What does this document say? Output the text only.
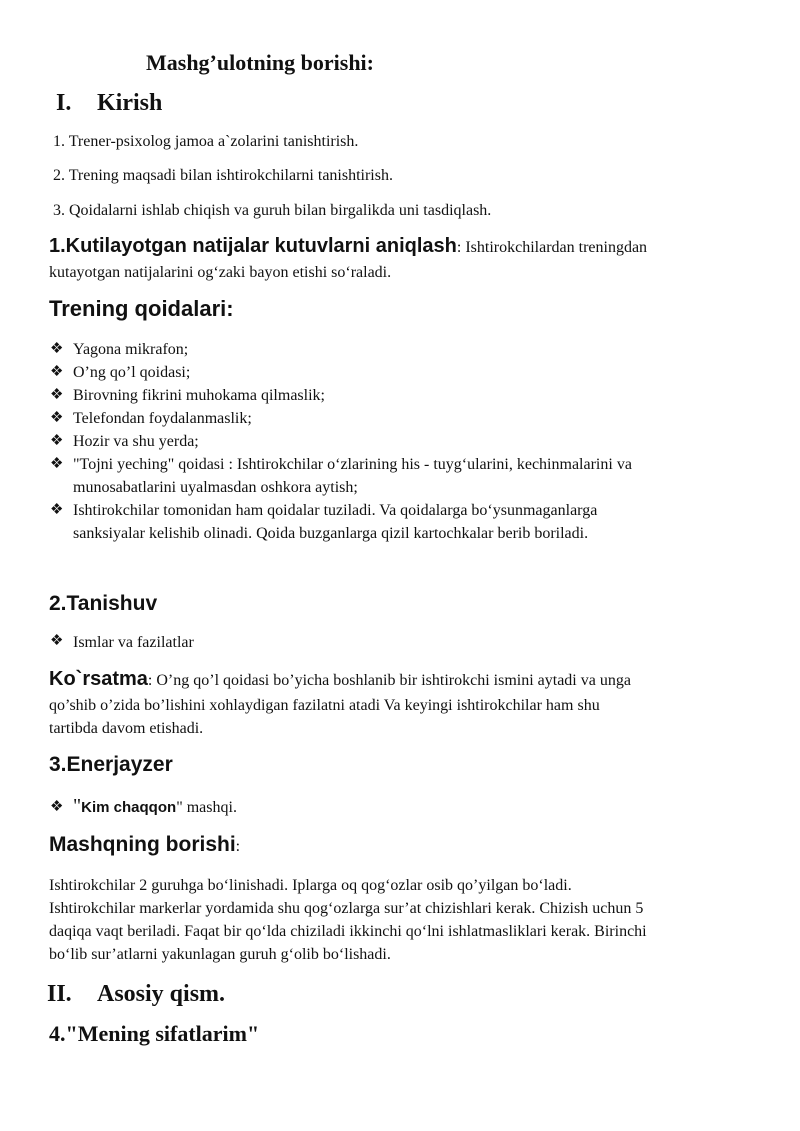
Mashg’ulotning borishi:
I. Kirish
1. Trener-psixolog jamoa a`zolarini tanishtirish.
2. Trening maqsadi bilan ishtirokchilarni tanishtirish.
3. Qoidalarni ishlab chiqish va guruh bilan birgalikda uni tasdiqlash.
1.Kutilayotgan natijalar kutuvlarni aniqlash: Ishtirokchilardan treningdan
kutayotgan natijalarini og‘zaki bayon etishi so‘raladi.
Trening qoidalari:
❖ Yagona mikrafon;
❖ O’ng qo’l qoidasi;
❖ Birovning fikrini muhokama qilmaslik;
❖ Telefondan foydalanmaslik;
❖ Hozir va shu yerda;
❖ "Tojni yeching" qoidasi : Ishtirokchilar o‘zlarining his - tuyg‘ularini, kechinmalarini va
munosabatlarini uyalmasdan oshkora aytish;
❖ Ishtirokchilar tomonidan ham qoidalar tuziladi. Va qoidalarga bo‘ysunmaganlarga
sanksiyalar kelishib olinadi. Qoida buzganlarga qizil kartochkalar berib boriladi.
2.Tanishuv
❖ Ismlar va fazilatlar
Ko`rsatma: O’ng qo’l qoidasi bo’yicha boshlanib bir ishtirokchi ismini aytadi va unga
qo’shib o’zida bo’lishini xohlaydigan fazilatni atadi Va keyingi ishtirokchilar ham shu
tartibda davom etishadi.
3.Enerjayzer
❖ "Kim chaqqon" mashqi.
Mashqning borishi:
Ishtirokchilar 2 guruhga bo‘linishadi. Iplarga oq qog‘ozlar osib qo’yilgan bo‘ladi.
Ishtirokchilar markerlar yordamida shu qog‘ozlarga sur’at chizishlari kerak. Chizish uchun 5
daqiqa vaqt beriladi. Faqat bir qo‘lda chiziladi ikkinchi qo‘lni ishlatmasliklari kerak. Birinchi
bo‘lib sur’atlarni yakunlagan guruh g‘olib bo‘lishadi.
II. Asosiy qism.
4."Mening sifatlarim"
